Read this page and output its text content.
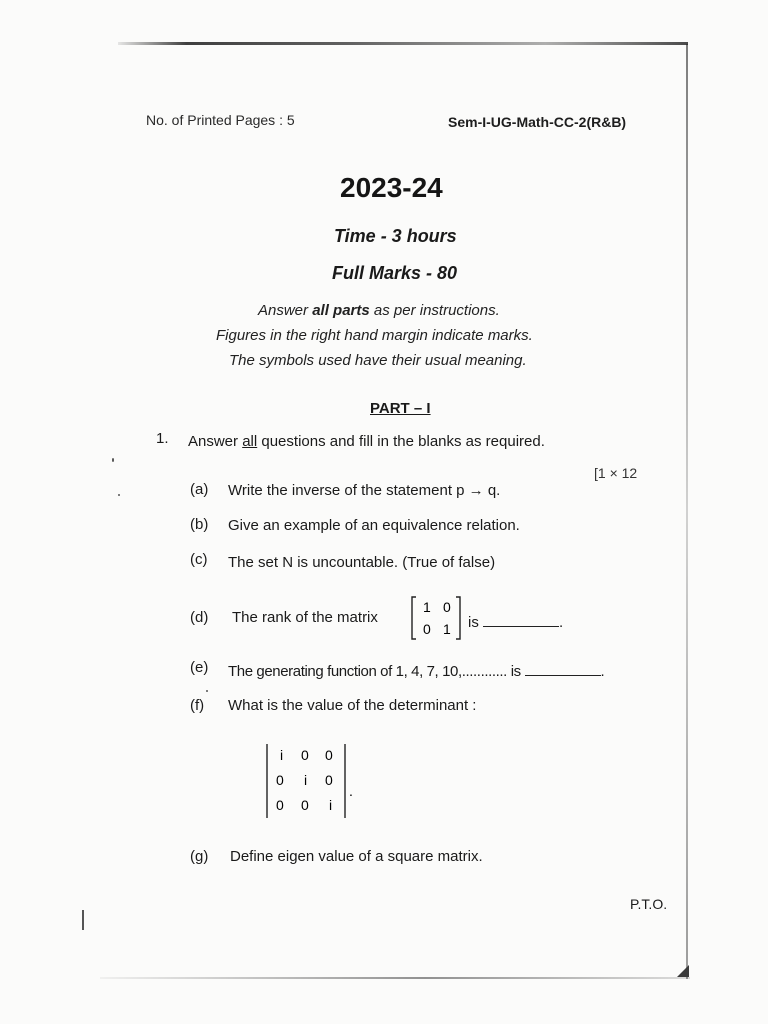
No. of Printed Pages : 5	Sem-I-UG-Math-CC-2(R&B)
2023-24
Time - 3 hours
Full Marks - 80
Answer all parts as per instructions.
Figures in the right hand margin indicate marks.
The symbols used have their usual meaning.
PART – I
1. Answer all questions and fill in the blanks as required.
[1 × 12
(a) Write the inverse of the statement p → q.
(b) Give an example of an equivalence relation.
(c) The set N is uncountable. (True of false)
(d) The rank of the matrix
1 0
0 1 is	.
(e) The generating function of 1, 4, 7, 10,............ is	.
(f) What is the value of the determinant :
i 0 0
0 i 0
0 0 i
.
(g) Define eigen value of a square matrix.
P.T.O.
